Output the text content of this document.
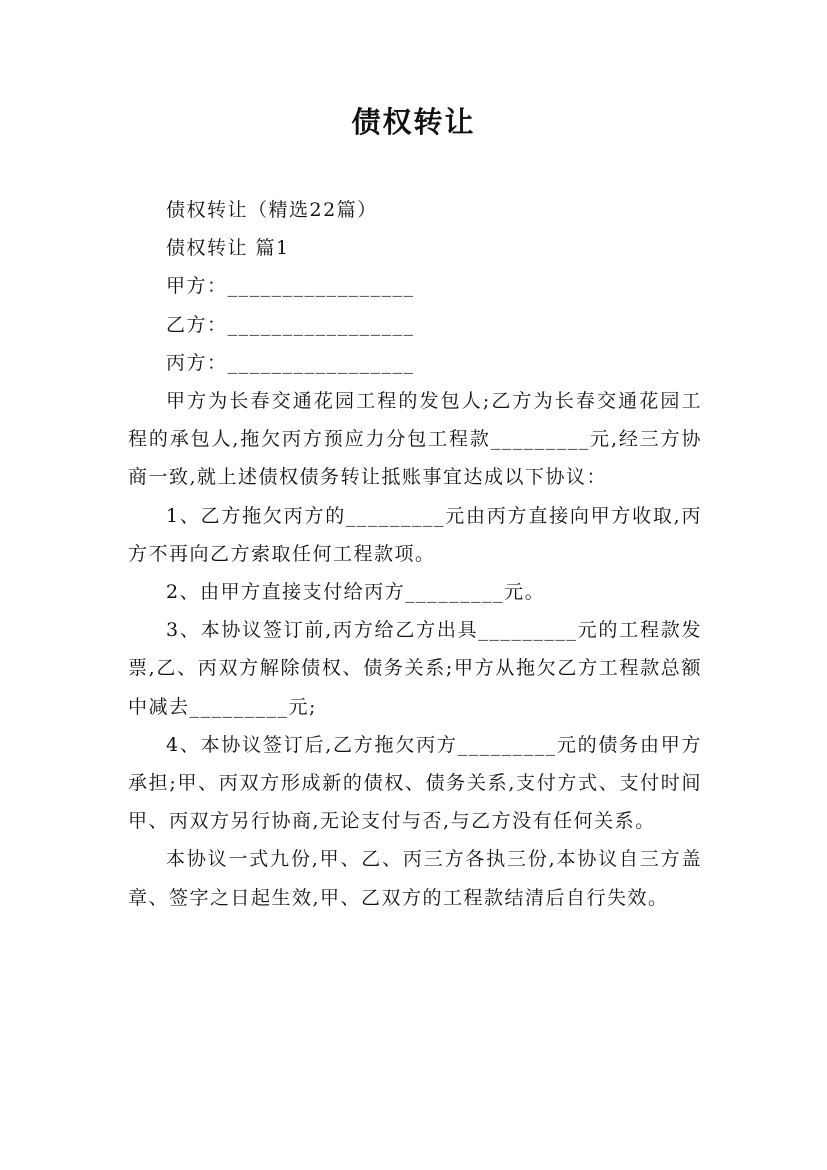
债权转让

债权转让（精选22篇）

债权转让 篇1

甲方：_________________

乙方：_________________

丙方：_________________

甲方为长春交通花园工程的发包人;乙方为长春交通花园工程的承包人,拖欠丙方预应力分包工程款_________元,经三方协商一致,就上述债权债务转让抵账事宜达成以下协议：

1、乙方拖欠丙方的_________元由丙方直接向甲方收取,丙方不再向乙方索取任何工程款项。

2、由甲方直接支付给丙方_________元。

3、本协议签订前,丙方给乙方出具_________元的工程款发票,乙、丙双方解除债权、债务关系;甲方从拖欠乙方工程款总额中减去_________元;

4、本协议签订后,乙方拖欠丙方_________元的债务由甲方承担;甲、丙双方形成新的债权、债务关系,支付方式、支付时间甲、丙双方另行协商,无论支付与否,与乙方没有任何关系。

本协议一式九份,甲、乙、丙三方各执三份,本协议自三方盖章、签字之日起生效,甲、乙双方的工程款结清后自行失效。
